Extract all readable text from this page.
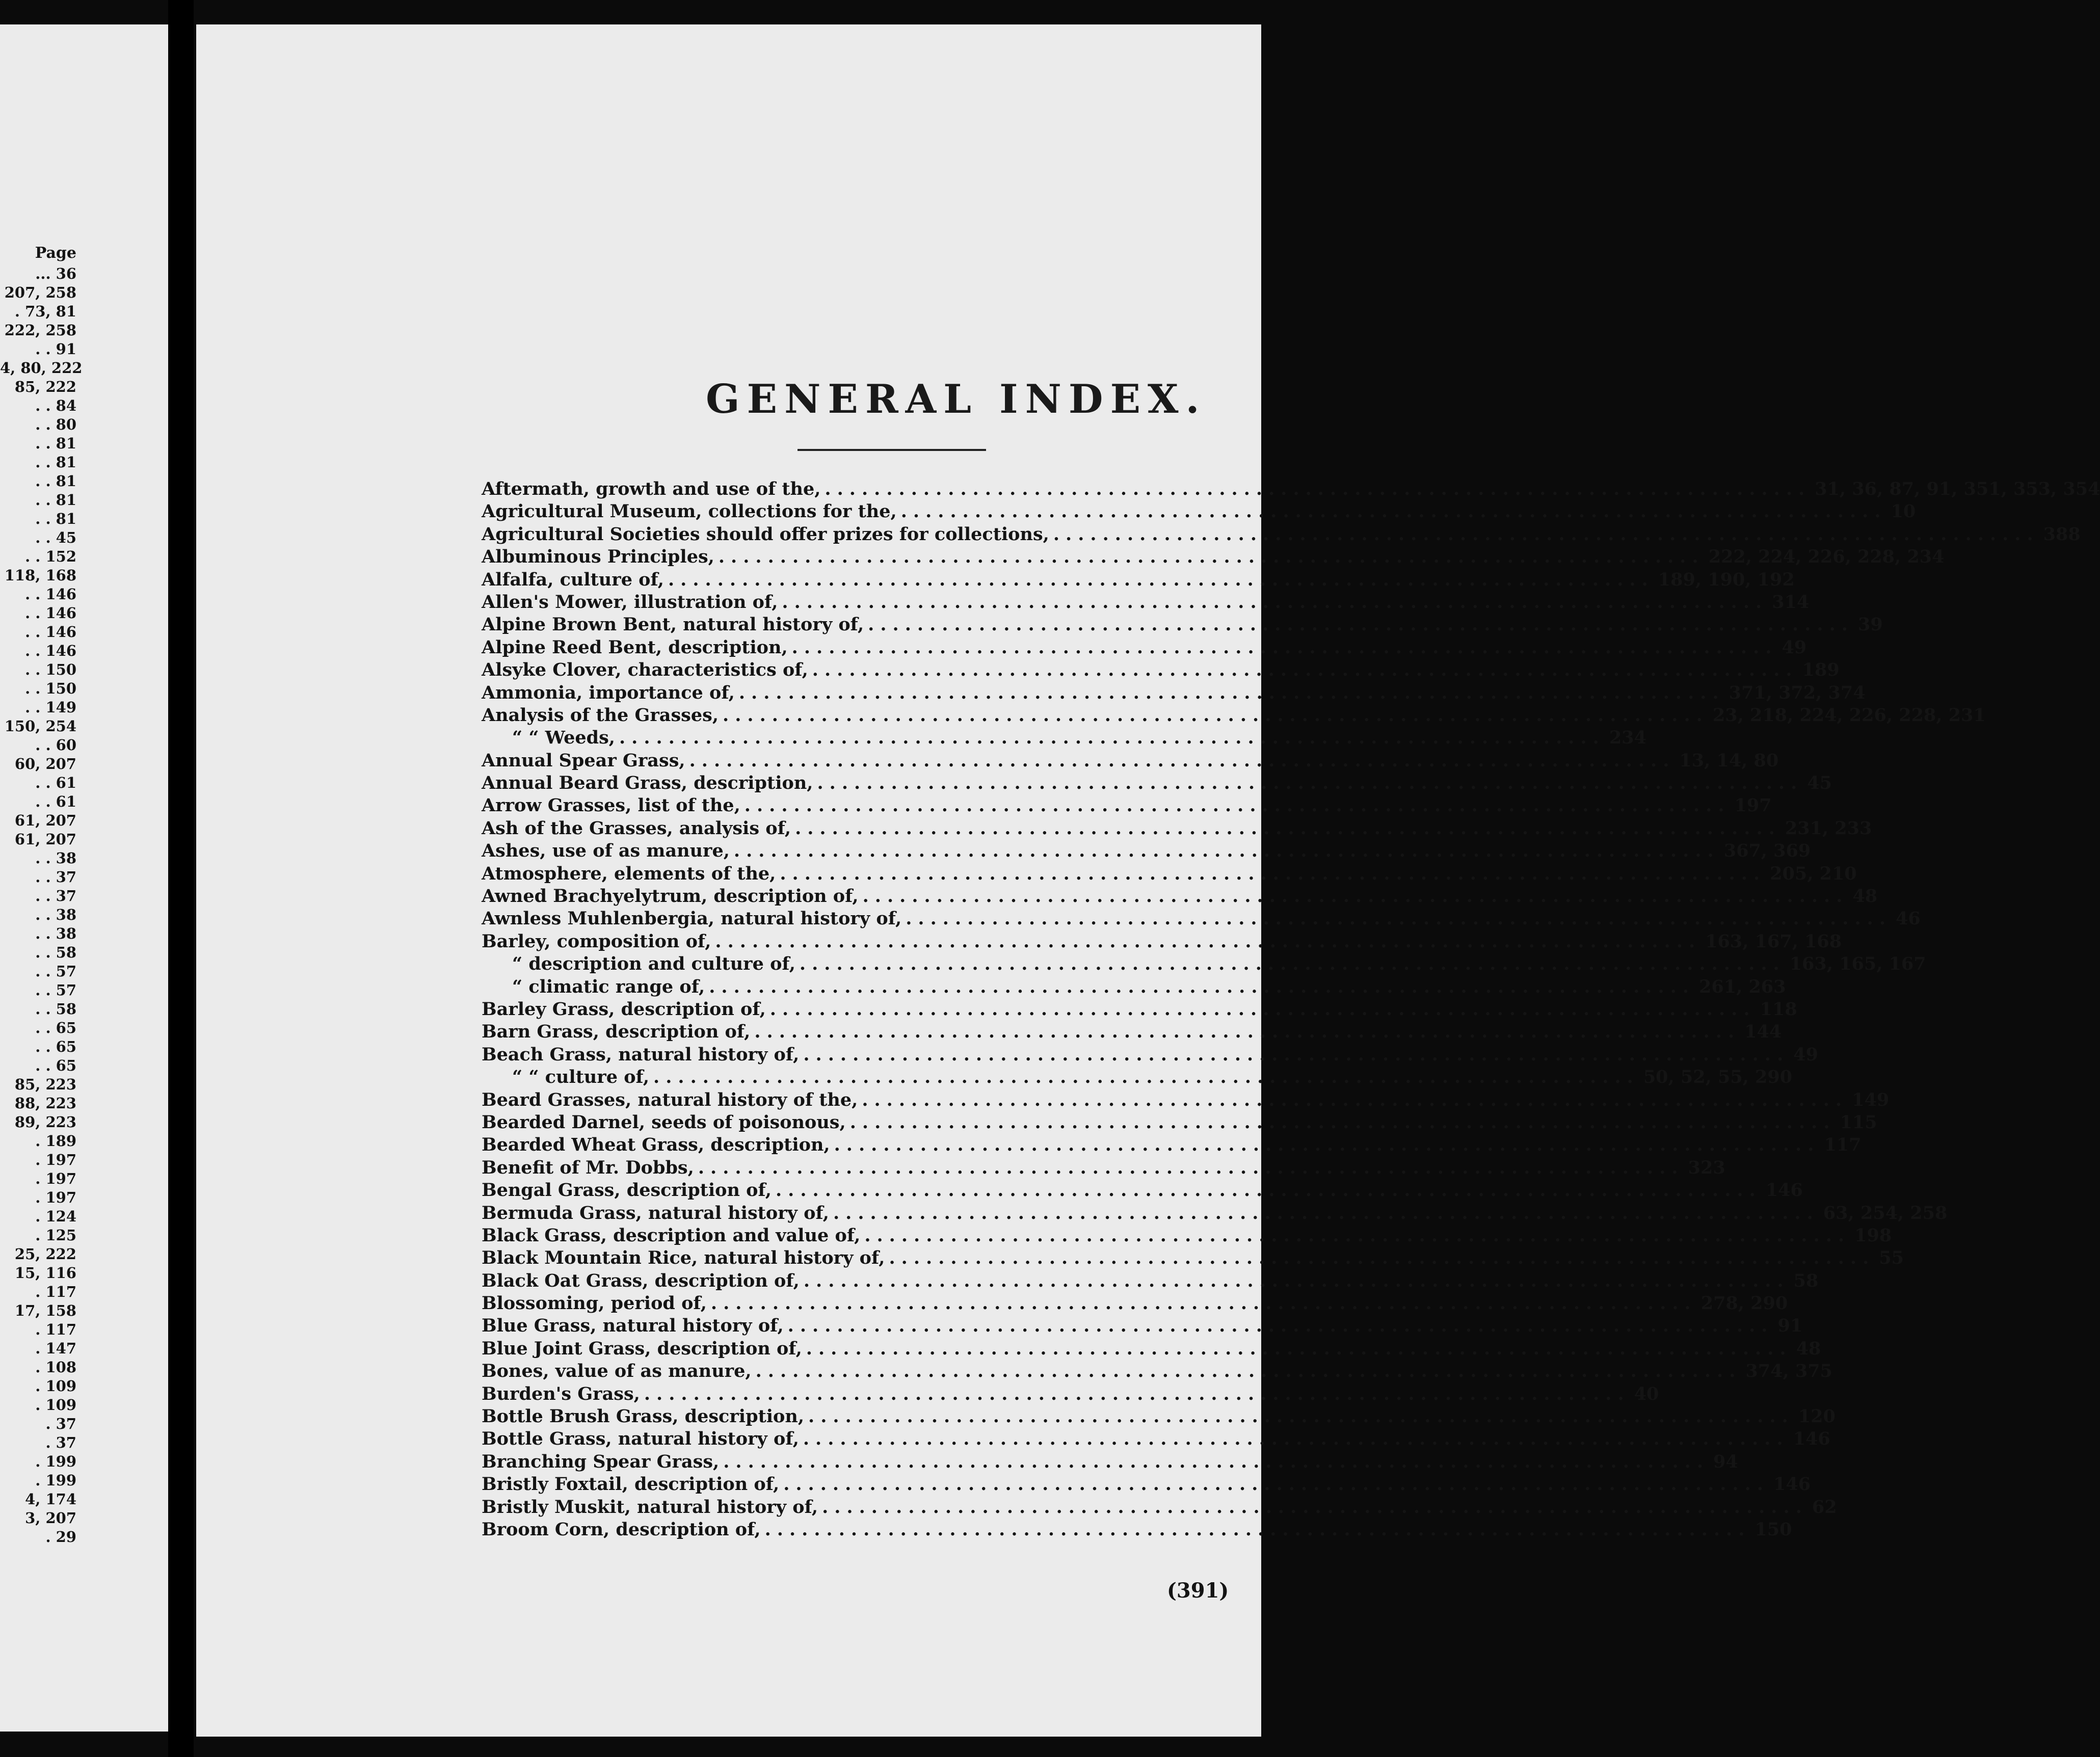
Page
... 36
207, 258
. 73, 81
222, 258
. . 91
4, 80, 222
85, 222
. . 84
. . 80
. . 81
. . 81
. . 81
. . 81
. . 81
. . 45
. . 152
118, 168
. . 146
. . 146
. . 146
. . 146
. . 150
. . 150
. . 149
150, 254
. . 60
60, 207
. . 61
. . 61
61, 207
61, 207
. . 38
. . 37
. . 37
. . 38
. . 38
. . 58
. . 57
. . 57
. . 58
. . 65
. . 65
. . 65
85, 223
88, 223
89, 223
. 189
. 197
. 197
. 197
. 124
. 125
25, 222
15, 116
. 117
17, 158
. 117
. 147
. 108
. 109
. 109
. 37
. 37
. 199
. 199
4, 174
3, 207
. 29
GENERAL INDEX.
Aftermath, growth and use of the, ................................................................................ 31, 36, 87, 91, 351, 353, 354
Agricultural Museum, collections for the, ................................................................................ 10
Agricultural Societies should offer prizes for collections, ................................................................................ 388
Albuminous Principles, ................................................................................ 222, 224, 226, 228, 234
Alfalfa, culture of, ................................................................................ 189, 190, 192
Allen's Mower, illustration of, ................................................................................ 314
Alpine Brown Bent, natural history of, ................................................................................ 39
Alpine Reed Bent, description, ................................................................................ 49
Alsyke Clover, characteristics of, ................................................................................ 189
Ammonia, importance of, ................................................................................ 371, 372, 374
Analysis of the Grasses, ................................................................................ 23, 218, 224, 226, 228, 231
“ “ Weeds, ................................................................................ 234
Annual Spear Grass, ................................................................................ 13, 14, 80
Annual Beard Grass, description, ................................................................................ 45
Arrow Grasses, list of the, ................................................................................ 197
Ash of the Grasses, analysis of, ................................................................................ 231, 233
Ashes, use of as manure, ................................................................................ 367, 369
Atmosphere, elements of the, ................................................................................ 205, 210
Awned Brachyelytrum, description of, ................................................................................ 48
Awnless Muhlenbergia, natural history of, ................................................................................ 46
Barley, composition of, ................................................................................ 163, 167, 168
“ description and culture of, ................................................................................ 163, 165, 167
“ climatic range of, ................................................................................ 261, 263
Barley Grass, description of, ................................................................................ 118
Barn Grass, description of, ................................................................................ 144
Beach Grass, natural history of, ................................................................................ 49
“ “ culture of, ................................................................................ 50, 52, 55, 290
Beard Grasses, natural history of the, ................................................................................ 149
Bearded Darnel, seeds of poisonous, ................................................................................ 115
Bearded Wheat Grass, description, ................................................................................ 117
Benefit of Mr. Dobbs, ................................................................................ 323
Bengal Grass, description of, ................................................................................ 146
Bermuda Grass, natural history of, ................................................................................ 63, 254, 258
Black Grass, description and value of, ................................................................................ 198
Black Mountain Rice, natural history of, ................................................................................ 55
Black Oat Grass, description of, ................................................................................ 58
Blossoming, period of, ................................................................................ 278, 290
Blue Grass, natural history of, ................................................................................ 91
Blue Joint Grass, description of, ................................................................................ 48
Bones, value of as manure, ................................................................................ 374, 375
Burden's Grass, ................................................................................ 40
Bottle Brush Grass, description, ................................................................................ 120
Bottle Grass, natural history of, ................................................................................ 146
Branching Spear Grass, ................................................................................ 94
Bristly Foxtail, description of, ................................................................................ 146
Bristly Muskit, natural history of, ................................................................................ 62
Broom Corn, description of, ................................................................................ 150
(391)
